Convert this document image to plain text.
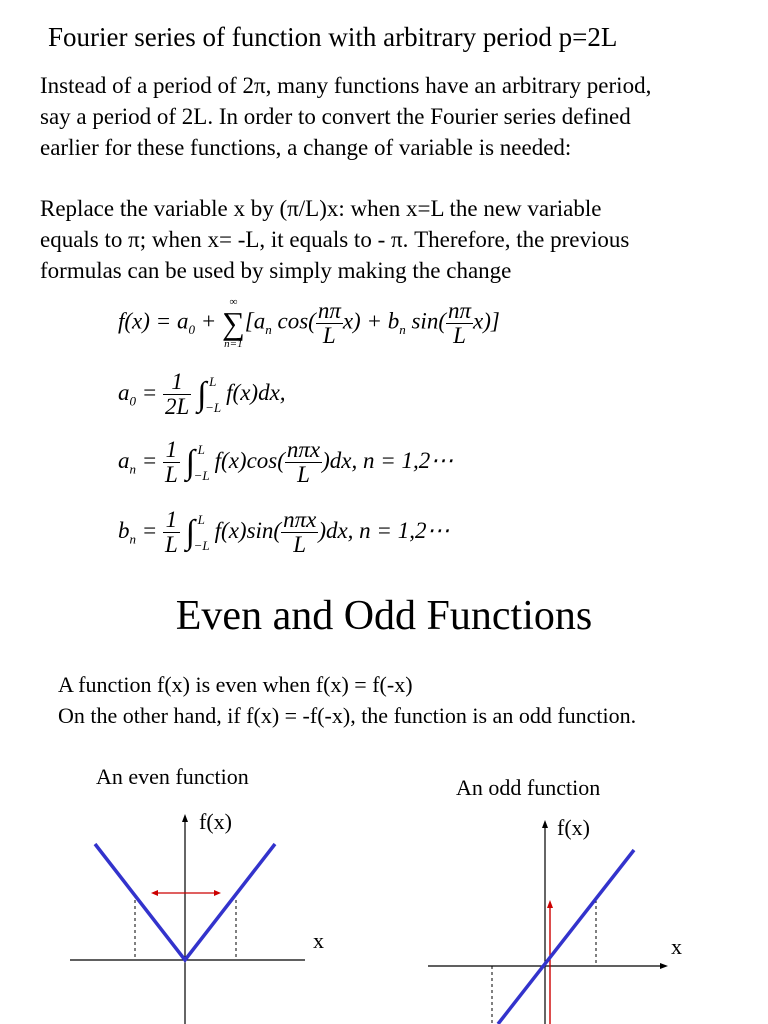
Fourier series of function with arbitrary period p=2L
Instead of a period of 2π, many functions have an arbitrary period,
say a period of 2L. In order to convert the Fourier series defined
earlier for these functions, a change of variable is needed:
Replace the variable x by (π/L)x: when x=L the new variable
equals to π; when x= -L, it equals to - π. Therefore, the previous
formulas can be used by simply making the change
$f(x) = a_0$ +
∞
∑
n=1
[$a_n$ $\cos( \frac{n\pi}{L} x) + b_n$ $\sin( \frac{n\pi}{L} x)$]
$a_0 = \frac{1}{2L}$ ∫ L
−L
f(x)dx,
$a_n = \frac{1}{L}$ ∫ L
−L
$f(x)\cos( \frac{\text{nπx}}{L} )dx$, n = 1,2⋯
$b_n = \frac{1}{L}$ ∫ L
−L
$f(x)\sin( \frac{\text{nπx}}{L} )dx$, n = 1,2⋯
Even and Odd Functions
A function f(x) is even when f(x) = f(-x)
On the other hand, if f(x) = -f(-x), the function is an odd function.
An even function
f(x)
x
An odd function
f(x)
x
